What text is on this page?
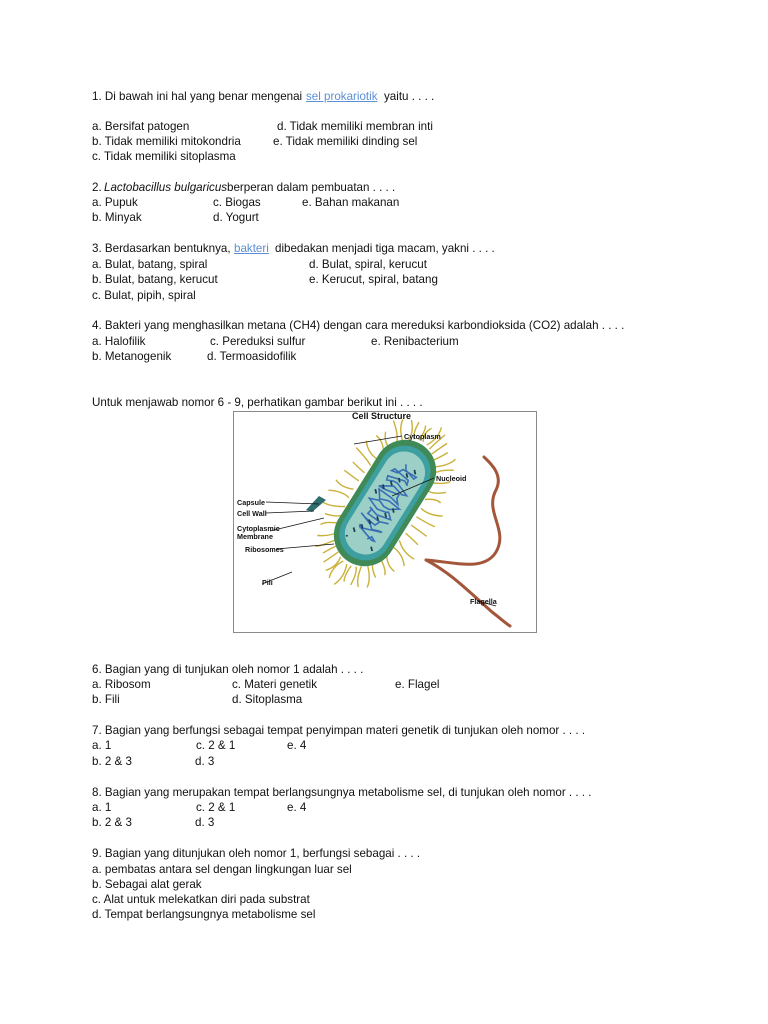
1. Di bawah ini hal yang benar mengenai sel prokariotik yaitu . . . .
a. Bersifat patogen	d. Tidak memiliki membran inti
b. Tidak memiliki mitokondria	e. Tidak memiliki dinding sel
c. Tidak memiliki sitoplasma
2. Lactobacillus bulgaricus berperan dalam pembuatan . . . .
a. Pupuk	c. Biogas	e. Bahan makanan
b. Minyak	d. Yogurt
3. Berdasarkan bentuknya, bakteri dibedakan menjadi tiga macam, yakni . . . .
a. Bulat, batang, spiral	d. Bulat, spiral, kerucut
b. Bulat, batang, kerucut	e. Kerucut, spiral, batang
c. Bulat, pipih, spiral
4. Bakteri yang menghasilkan metana (CH4) dengan cara mereduksi karbondioksida (CO2) adalah . . . .
a. Halofilik	c. Pereduksi sulfur	e. Renibacterium
b. Metanogenik	d. Termoasidofilik
Untuk menjawab nomor 6 - 9, perhatikan gambar berikut ini . . . .
Cell Structure
Cytoplasm
Nucleoid
Capsule
Cell Wall
Cytoplasmic
Membrane
Ribosomes
Pili
Flagella
6. Bagian yang di tunjukan oleh nomor 1 adalah . . . .
a. Ribosom	c. Materi genetik	e. Flagel
b. Fili	d. Sitoplasma
7. Bagian yang berfungsi sebagai tempat penyimpan materi genetik di tunjukan oleh nomor . . . .
a. 1	c. 2 & 1	e. 4
b. 2 & 3	d. 3
8. Bagian yang merupakan tempat berlangsungnya metabolisme sel, di tunjukan oleh nomor . . . .
a. 1	c. 2 & 1	e. 4
b. 2 & 3	d. 3
9. Bagian yang ditunjukan oleh nomor 1, berfungsi sebagai . . . .
a. pembatas antara sel dengan lingkungan luar sel
b. Sebagai alat gerak
c. Alat untuk melekatkan diri pada substrat
d. Tempat berlangsungnya metabolisme sel
